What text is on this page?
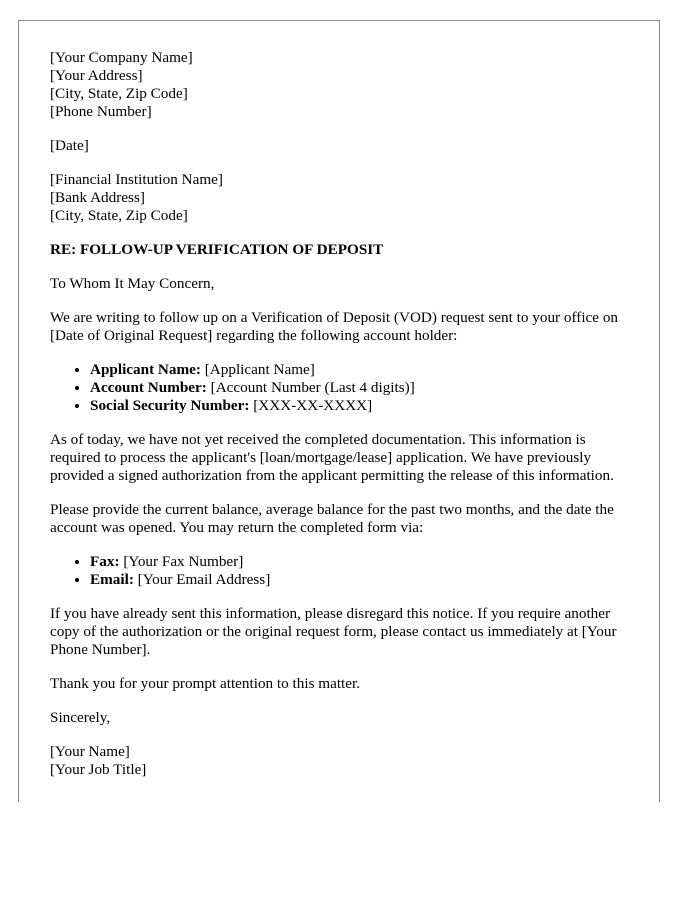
[Your Company Name]
[Your Address]
[City, State, Zip Code]
[Phone Number]
[Date]
[Financial Institution Name]
[Bank Address]
[City, State, Zip Code]
RE: FOLLOW-UP VERIFICATION OF DEPOSIT

To Whom It May Concern,

We are writing to follow up on a Verification of Deposit (VOD) request sent to your office on [Date of Original Request] regarding the following account holder:

• Applicant Name: [Applicant Name]
• Account Number: [Account Number (Last 4 digits)]
• Social Security Number: [XXX-XX-XXXX]

As of today, we have not yet received the completed documentation. This information is required to process the applicant's [loan/mortgage/lease] application. We have previously provided a signed authorization from the applicant permitting the release of this information.

Please provide the current balance, average balance for the past two months, and the date the account was opened. You may return the completed form via:

• Fax: [Your Fax Number]
• Email: [Your Email Address]

If you have already sent this information, please disregard this notice. If you require another copy of the authorization or the original request form, please contact us immediately at [Your Phone Number].

Thank you for your prompt attention to this matter.

Sincerely,

[Your Name]
[Your Job Title]
